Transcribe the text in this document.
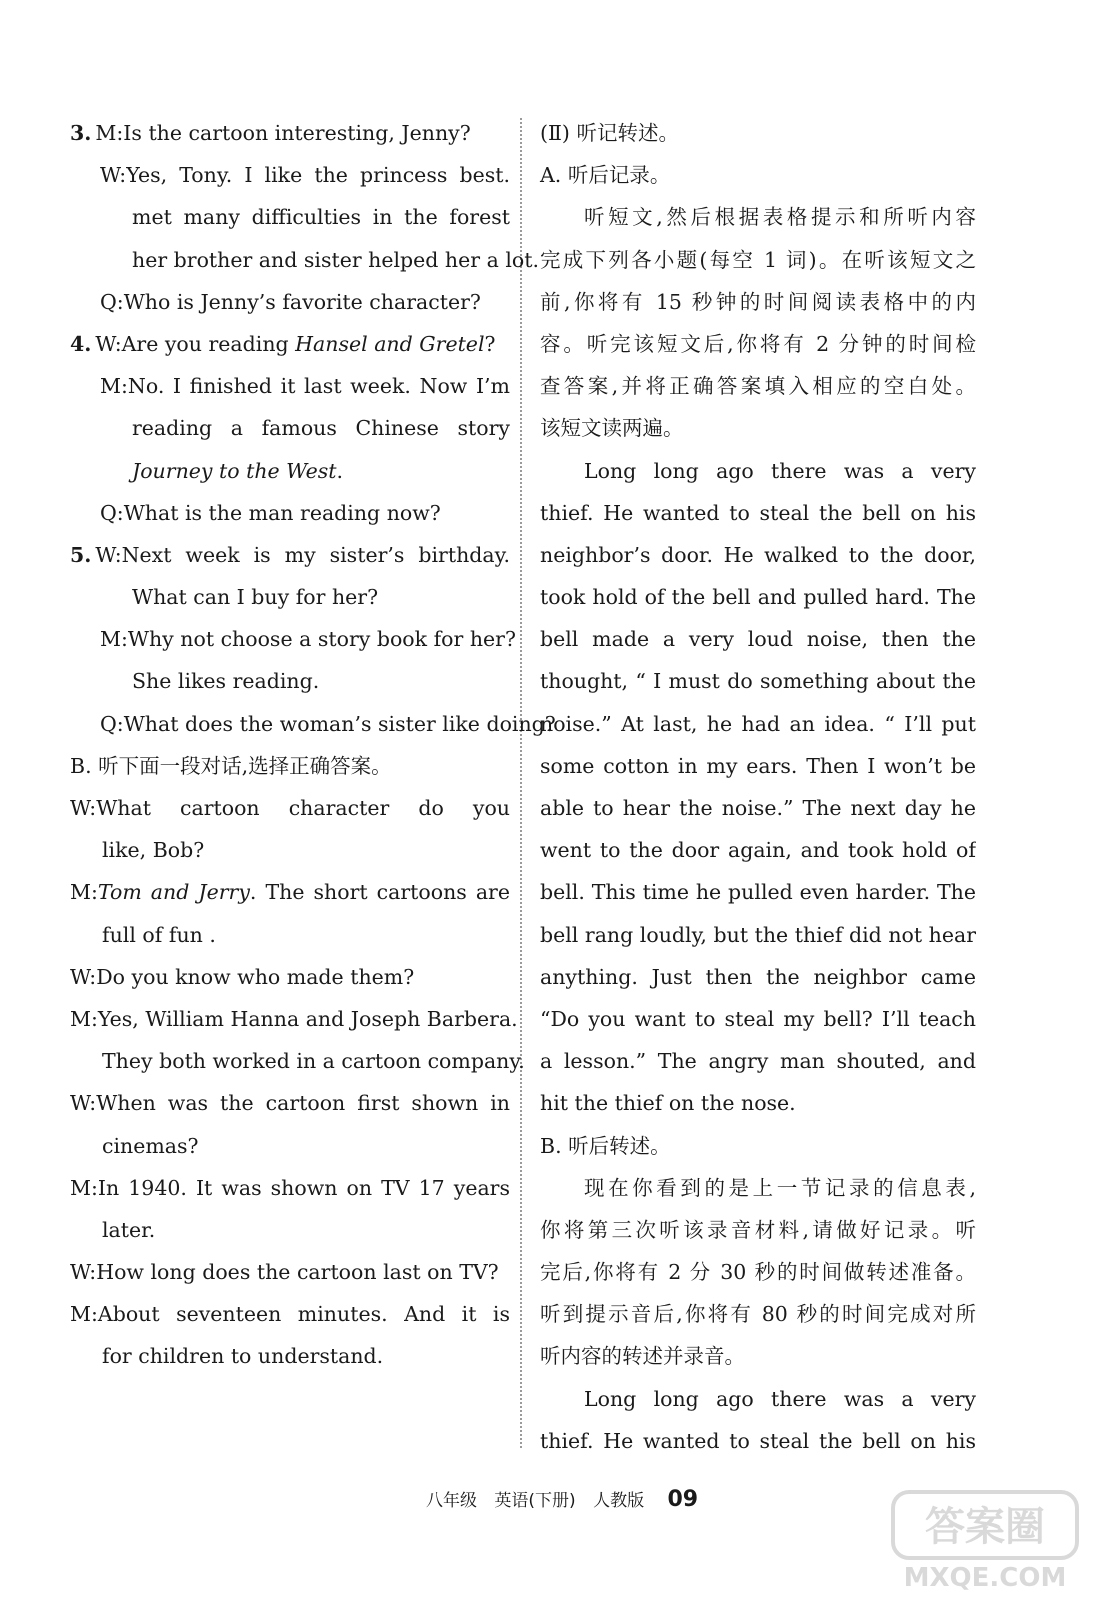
3. M:Is the cartoon interesting, Jenny?
W:Yes, Tony. I like the princess best.
met many difficulties in the forest
her brother and sister helped her a lot.
Q:Who is Jenny’s favorite character?
4. W:Are you reading Hansel and Gretel?
M:No. I finished it last week. Now I’m
reading a famous Chinese story
Journey to the West.
Q:What is the man reading now?
5. W:Next week is my sister’s birthday.
What can I buy for her?
M:Why not choose a story book for her?
She likes reading.
Q:What does the woman’s sister like doing?
B. 听下面一段对话,选择正确答案。
W:What cartoon character do you
like, Bob?
M:Tom and Jerry. The short cartoons are
full of fun .
W:Do you know who made them?
M:Yes, William Hanna and Joseph Barbera.
They both worked in a cartoon company.
W:When was the cartoon first shown in
cinemas?
M:In 1940. It was shown on TV 17 years
later.
W:How long does the cartoon last on TV?
M:About seventeen minutes. And it is
for children to understand.
(Ⅱ) 听记转述。
A. 听后记录。
听短文,然后根据表格提示和所听内容
完成下列各小题(每空 1 词)。在听该短文之
前,你将有 15 秒钟的时间阅读表格中的内
容。听完该短文后,你将有 2 分钟的时间检
查答案,并将正确答案填入相应的空白处。
该短文读两遍。
Long long ago there was a very
thief. He wanted to steal the bell on his
neighbor’s door. He walked to the door,
took hold of the bell and pulled hard. The
bell made a very loud noise, then the
thought, “ I must do something about the
noise.” At last, he had an idea. “ I’ll put
some cotton in my ears. Then I won’t be
able to hear the noise.” The next day he
went to the door again, and took hold of
bell. This time he pulled even harder. The
bell rang loudly, but the thief did not hear
anything. Just then the neighbor came
“Do you want to steal my bell? I’ll teach
a lesson.” The angry man shouted, and
hit the thief on the nose.
B. 听后转述。
现在你看到的是上一节记录的信息表,
你将第三次听该录音材料,请做好记录。听
完后,你将有 2 分 30 秒的时间做转述准备。
听到提示音后,你将有 80 秒的时间完成对所
听内容的转述并录音。
Long long ago there was a very
thief. He wanted to steal the bell on his
八年级 英语(下册) 人教版 09
答案圈
MXQE.COM
